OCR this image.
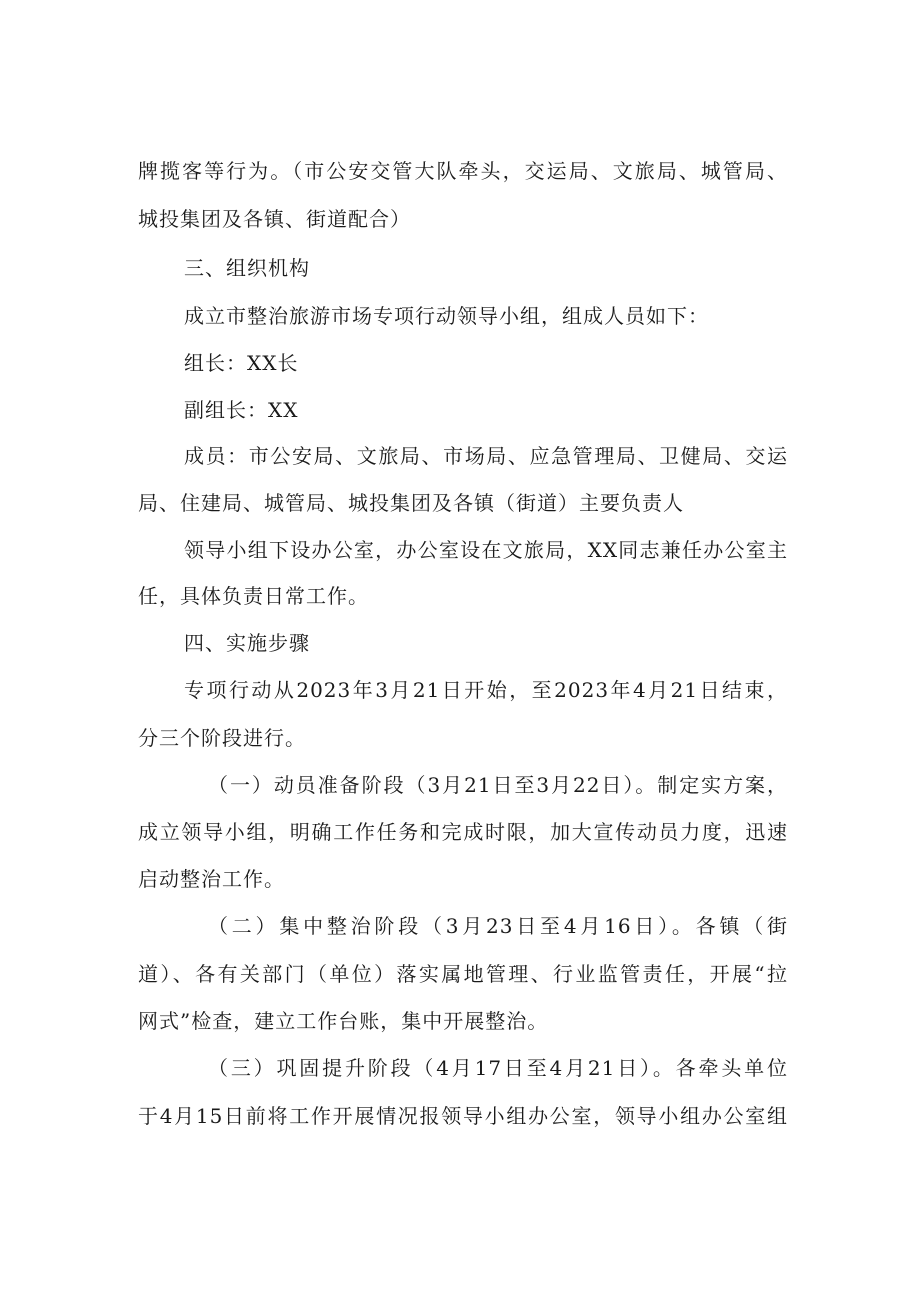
牌揽客等行为。（市公安交管大队牵头，交运局、文旅局、城管局、
城投集团及各镇、街道配合）
三、组织机构
成立市整治旅游市场专项行动领导小组，组成人员如下：
组长：XX长
副组长：XX
成员：市公安局、文旅局、市场局、应急管理局、卫健局、交运
局、住建局、城管局、城投集团及各镇（街道）主要负责人
领导小组下设办公室，办公室设在文旅局，XX同志兼任办公室主
任，具体负责日常工作。
四、实施步骤
专项行动从2023年3月21日开始，至2023年4月21日结束，
分三个阶段进行。
（一）动员准备阶段（3月21日至3月22日）。制定实方案，
成立领导小组，明确工作任务和完成时限，加大宣传动员力度，迅速
启动整治工作。
（二）集中整治阶段（3月23日至4月16日）。各镇（街
道）、各有关部门（单位）落实属地管理、行业监管责任，开展“拉
网式”检查，建立工作台账，集中开展整治。
（三）巩固提升阶段（4月17日至4月21日）。各牵头单位
于4月15日前将工作开展情况报领导小组办公室，领导小组办公室组
